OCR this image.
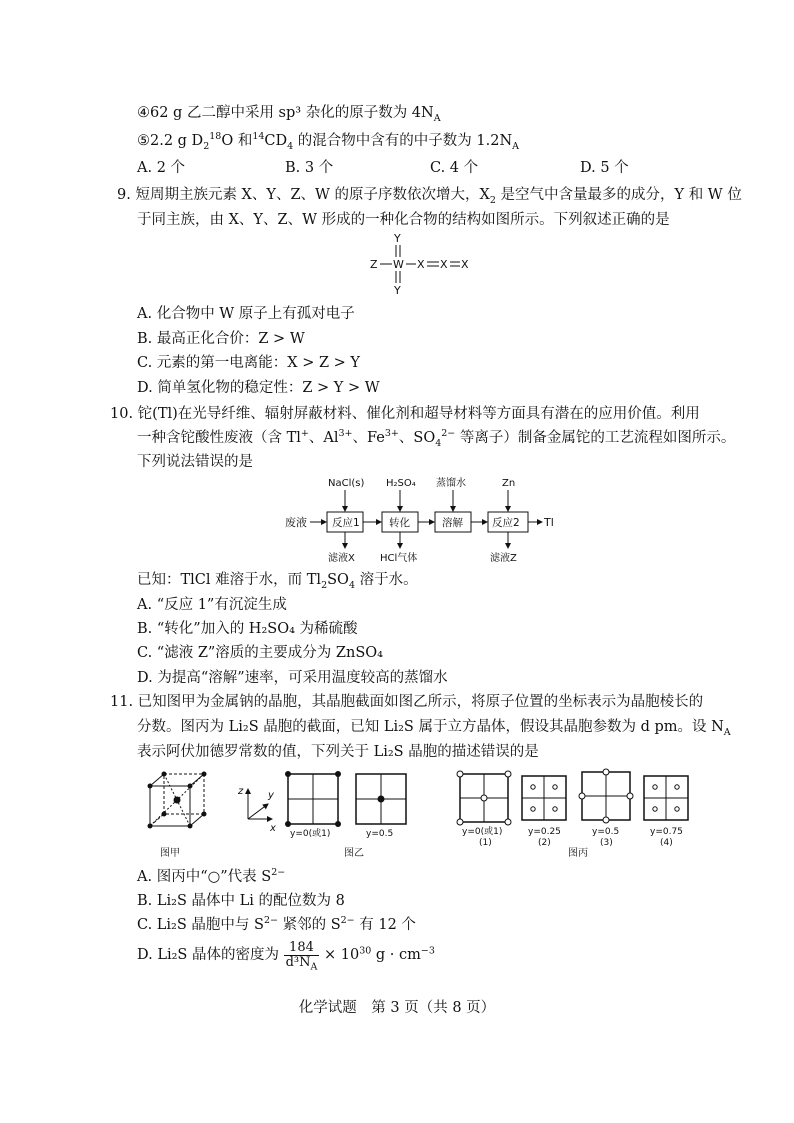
④62 g 乙二醇中采用 sp³ 杂化的原子数为 $4N_A$
⑤2.2 g $D_2^{18}O$ 和$^{14}CD_4$ 的混合物中含有的中子数为 $1.2N_A$
A. 2 个	B. 3 个	C. 4 个	D. 5 个
9. 短周期主族元素 X、Y、Z、W 的原子序数依次增大，$X_2$ 是空气中含量最多的成分，Y 和 W 位
于同主族，由 X、Y、Z、W 形成的一种化合物的结构如图所示。下列叙述正确的是
Y
Z W X X X
Y
A. 化合物中 W 原子上有孤对电子
B. 最高正化合价：Z > W
C. 元素的第一电离能：X > Z > Y
D. 简单氢化物的稳定性：Z > Y > W
10. 铊(Tl)在光导纤维、辐射屏蔽材料、催化剂和超导材料等方面具有潜在的应用价值。利用
一种含铊酸性废液（含 Tl+、$Al^{3+}$、$Fe^{3+}$、$SO_4^{2-}$ 等离子）制备金属铊的工艺流程如图所示。
下列说法错误的是
废液 反应1	转化	溶解	反应2 Tl
NaCl(s) H₂SO₄ 蒸馏水	Zn
滤液X	HCl气体	滤液Z
已知：TlCl 难溶于水，而 $Tl_2SO_4$ 溶于水。
A. “反应 1”有沉淀生成
B. “转化”加入的 H₂SO₄ 为稀硫酸
C. “滤液 Z”溶质的主要成分为 ZnSO₄
D. 为提高“溶解”速率，可采用温度较高的蒸馏水
11. 已知图甲为金属钠的晶胞，其晶胞截面如图乙所示，将原子位置的坐标表示为晶胞棱长的
分数。图丙为 Li₂S 晶胞的截面，已知 Li₂S 属于立方晶体，假设其晶胞参数为 d pm。设 $N_A$
表示阿伏加德罗常数的值，下列关于 Li₂S 晶胞的描述错误的是
图甲
z y
x y=0(或1)	y=0.5
图乙
y=0(或1)
(1)
y=0.25
(2)
y=0.5
(3)
图丙
y=0.75
(4)
A. 图丙中“○”代表 $S^{2-}$
B. Li₂S 晶体中 Li 的配位数为 8
C. Li₂S 晶胞中与 $S^{2-}$ 紧邻的 $S^{2-}$ 有 12 个
D. Li₂S 晶体的密度为 $\frac{184}{d^3N_A} \times 10^{30}$ $g \cdot cm^{-3}$
化学试题　第 3 页（共 8 页）
